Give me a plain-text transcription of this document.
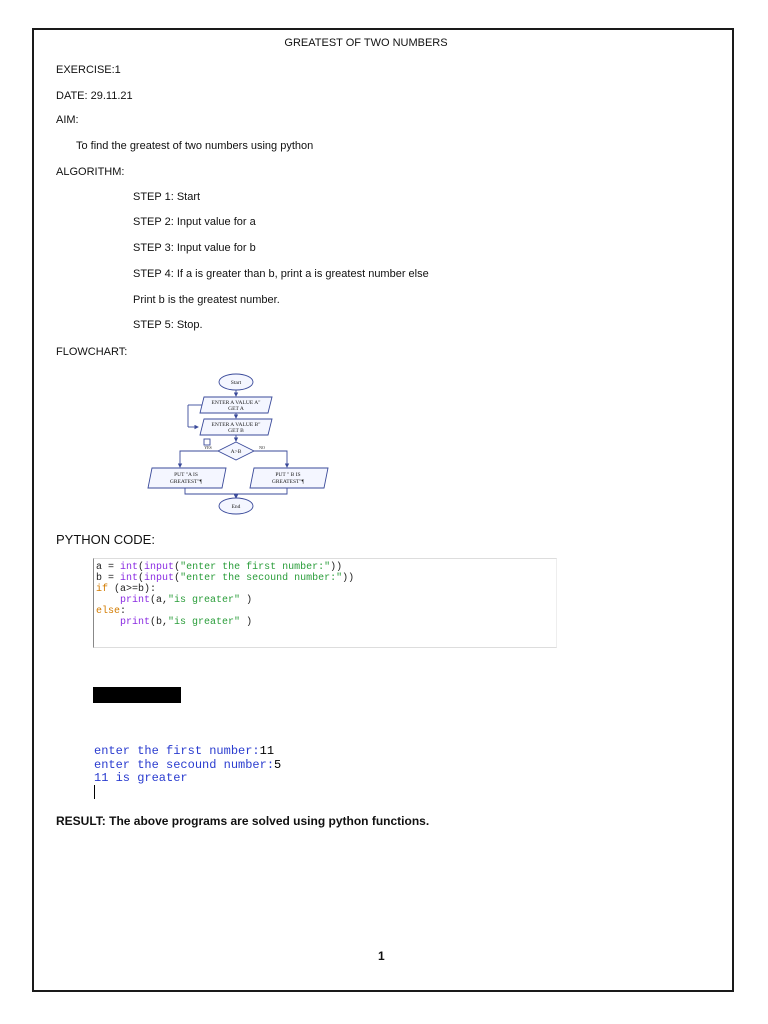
GREATEST OF TWO NUMBERS
EXERCISE:1
DATE: 29.11.21
AIM:
To find the greatest of two numbers using python
ALGORITHM:
STEP 1: Start
STEP 2: Input value for a
STEP 3: Input value for b
STEP 4: If a is greater than b, print a is greatest number else
Print b is the greatest number.
STEP 5: Stop.
FLOWCHART:
Start
ENTER A VALUE A"
GET A
ENTER A VALUE B"
GET B
A>B
YES	NO
PUT "A IS
GREATEST"¶
PUT " B IS
GREATEST"¶
End
PYTHON CODE:
a = int(input("enter the first number:"))
b = int(input("enter the secound number:"))
if (a>=b):
print(a,"is greater" )
else:
print(b,"is greater" )
enter the first number:11
enter the secound number:5
11 is greater
RESULT: The above programs are solved using python functions.
1
